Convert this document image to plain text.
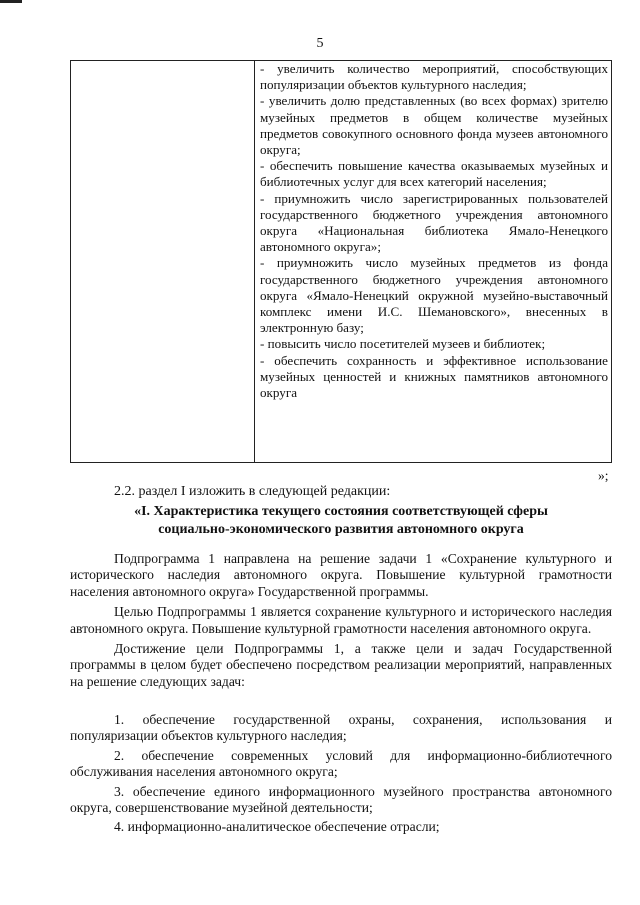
5

- увеличить количество мероприятий, способствующих популяризации объектов культурного наследия;

- увеличить долю представленных (во всех формах) зрителю музейных предметов в общем количестве музейных предметов совокупного основного фонда музеев автономного округа;

- обеспечить повышение качества оказываемых музейных и библиотечных услуг для всех категорий населения;

- приумножить число зарегистрированных пользователей государственного бюджетного учреждения автономного округа «Национальная библиотека Ямало-Ненецкого автономного округа»;

- приумножить число музейных предметов из фонда государственного бюджетного учреждения автономного округа «Ямало-Ненецкий окружной музейно-выставочный комплекс имени И.С. Шемановского», внесенных в электронную базу;

- повысить число посетителей музеев и библиотек;

- обеспечить сохранность и эффективное использование музейных ценностей и книжных памятников автономного округа

»;
2.2. раздел I изложить в следующей редакции:
«I. Характеристика текущего состояния соответствующей сферы
социально-экономического развития автономного округа

Подпрограмма 1 направлена на решение задачи 1 «Сохранение культурного и исторического наследия автономного округа. Повышение культурной грамотности населения автономного округа» Государственной программы.

Целью Подпрограммы 1 является сохранение культурного и исторического наследия автономного округа. Повышение культурной грамотности населения автономного округа.

Достижение цели Подпрограммы 1, а также цели и задач Государственной программы в целом будет обеспечено посредством реализации мероприятий, направленных на решение следующих задач:

1. обеспечение государственной охраны, сохранения, использования и популяризации объектов культурного наследия;

2. обеспечение современных условий для информационно-библиотечного обслуживания населения автономного округа;

3. обеспечение единого информационного музейного пространства автономного округа, совершенствование музейной деятельности;

4. информационно-аналитическое обеспечение отрасли;
